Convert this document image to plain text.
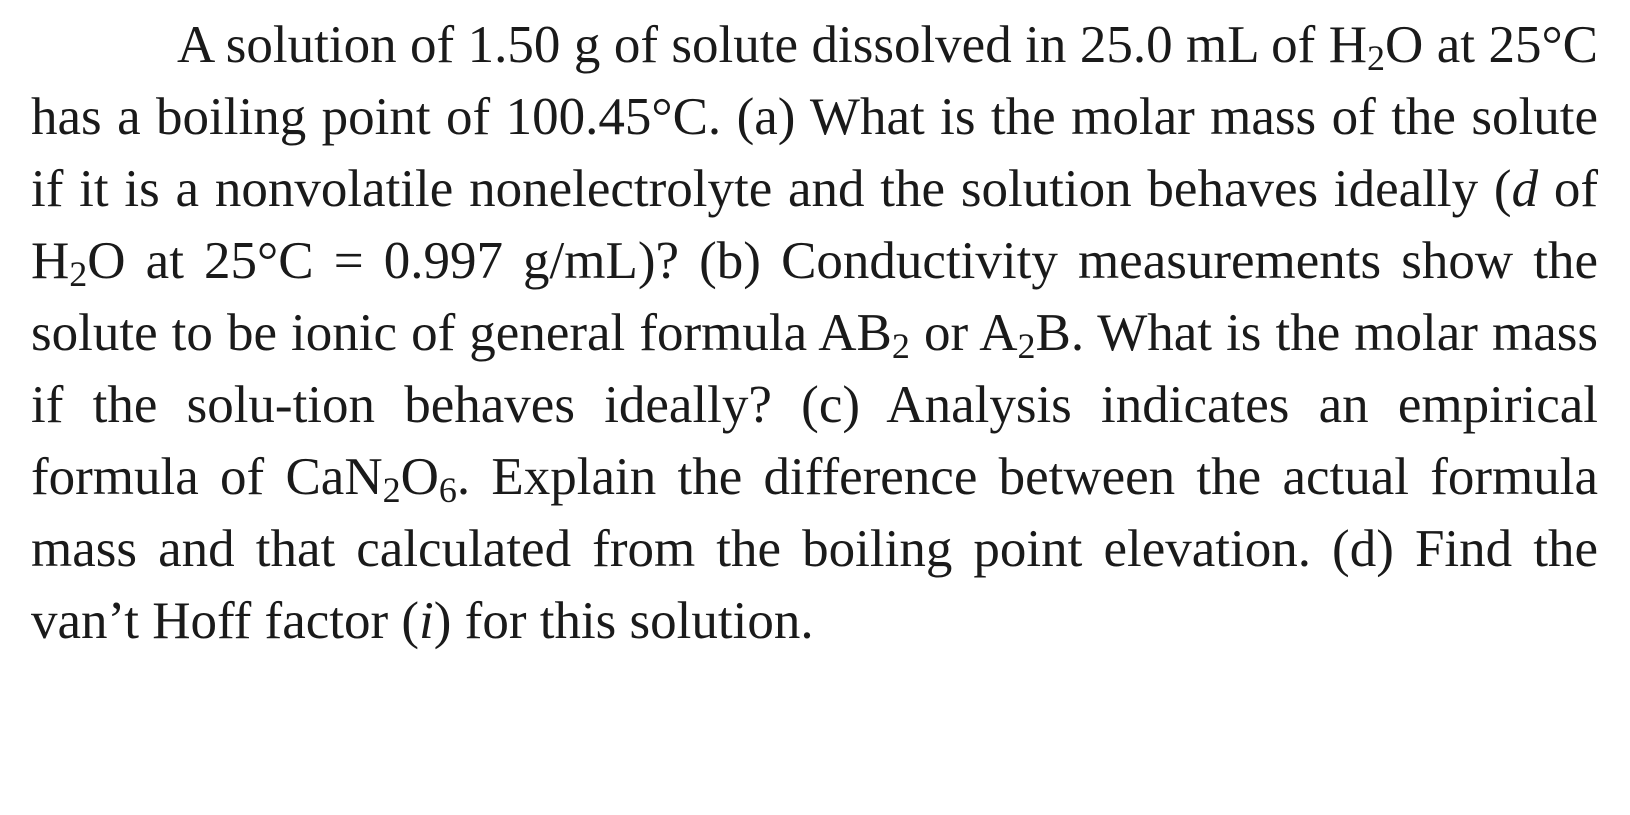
A solution of 1.50 g of solute dissolved in 25.0 mL of $H_2O$ at 25°C has a boiling point of 100.45°C. (a) What is the molar mass of the solute if it is a nonvolatile nonelectrolyte and the solution behaves ideally (d of $H_2O$ at 25°C = 0.997 g/mL)? (b) Conductivity measurements show the solute to be ionic of general formula $AB_2$ or $A_2B$. What is the molar mass if the solu-​tion behaves ideally? (c) Analysis indicates an empirical formula of $CaN_2O_6$. Explain the difference between the actual formula mass and that calculated from the boiling point elevation. (d) Find the van’t Hoff factor (i) for this solution.
